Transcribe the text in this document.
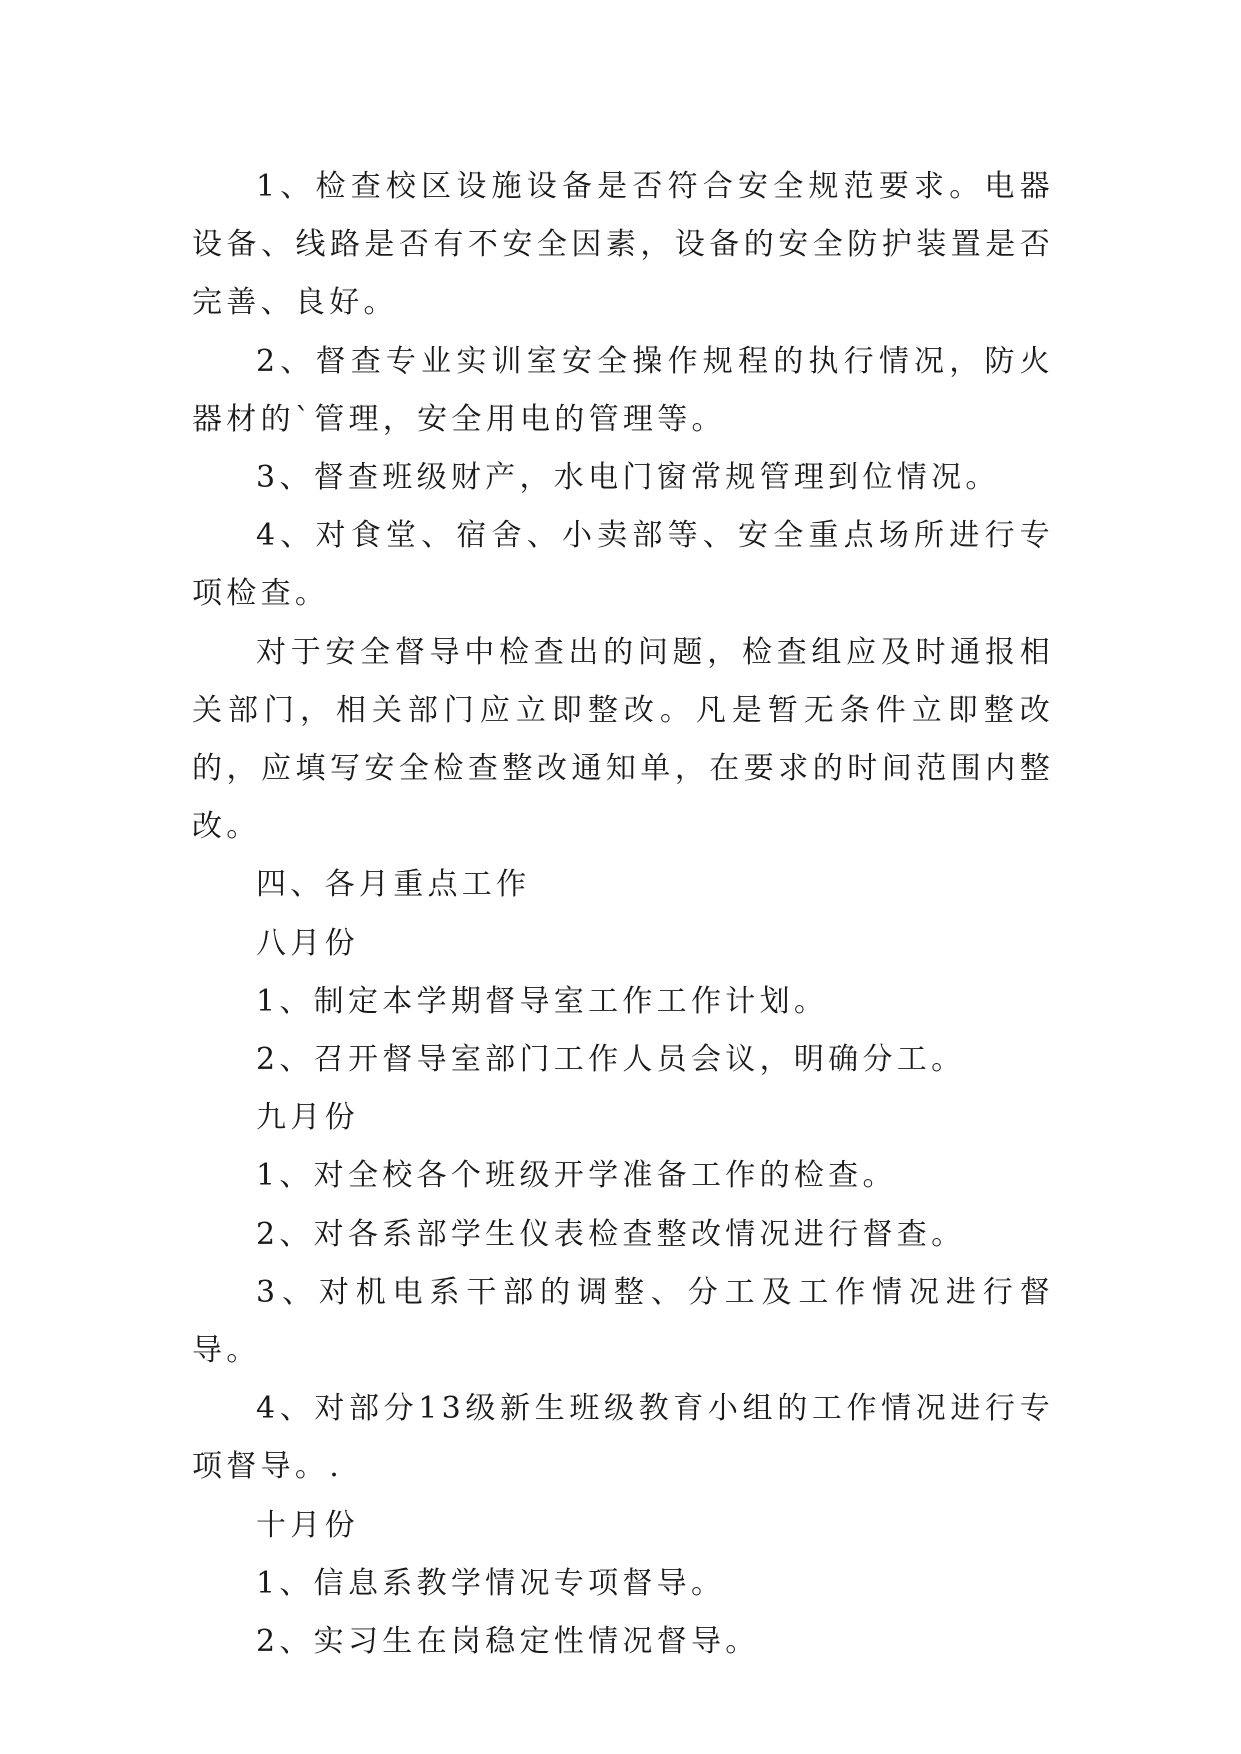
1、检查校区设施设备是否符合安全规范要求。电器设备、线路是否有不安全因素，设备的安全防护装置是否完善、良好。

2、督查专业实训室安全操作规程的执行情况，防火器材的`管理，安全用电的管理等。

3、督查班级财产，水电门窗常规管理到位情况。

4、对食堂、宿舍、小卖部等、安全重点场所进行专项检查。

对于安全督导中检查出的问题，检查组应及时通报相关部门，相关部门应立即整改。凡是暂无条件立即整改的，应填写安全检查整改通知单，在要求的时间范围内整改。

四、各月重点工作

八月份

1、制定本学期督导室工作工作计划。

2、召开督导室部门工作人员会议，明确分工。

九月份

1、对全校各个班级开学准备工作的检查。

2、对各系部学生仪表检查整改情况进行督查。

3、对机电系干部的调整、分工及工作情况进行督导。

4、对部分13级新生班级教育小组的工作情况进行专项督导。.

十月份

1、信息系教学情况专项督导。

2、实习生在岗稳定性情况督导。
